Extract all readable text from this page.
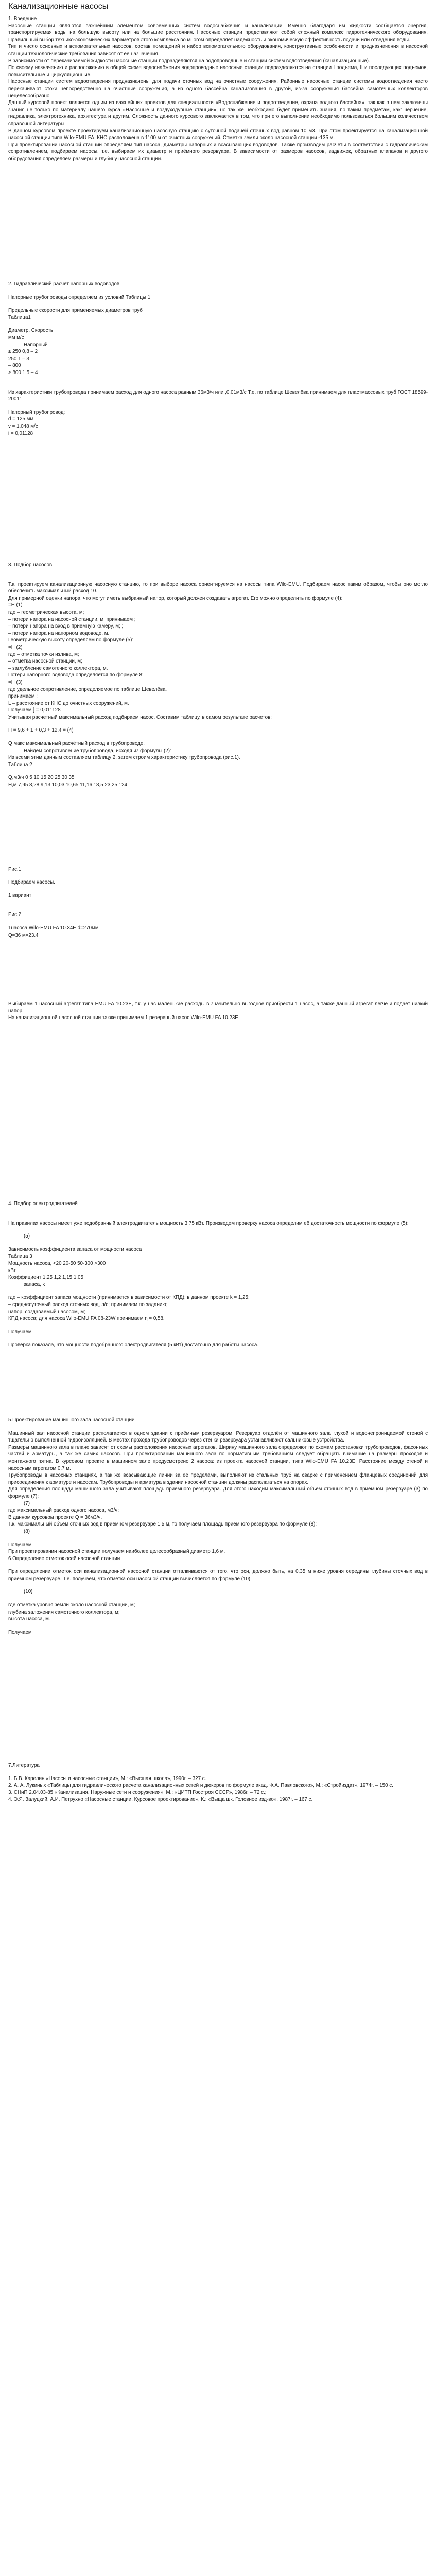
Канализационные насосы

1. Введение

Насосные станции являются важнейшим элементом современных систем водоснабжения и канализации. Именно благодаря им жидкости сообщается энергия, транспортируемая воды на большую высоту или на большие расстояния. Насосные станции представляют собой сложный комплекс гидротехнического оборудования. Правильный выбор технико-экономических параметров этого комплекса во многом определяет надежность и экономическую эффективность подачи или отведения воды.

Тип и число основных и вспомогательных насосов, состав помещений и набор вспомогательного оборудования, конструктивные особенности и предназначения в насосной станции технологические требования зависят от ее назначения.

В зависимости от перекачиваемой жидкости насосные станции подразделяются на водопроводные и станции систем водоотведения (канализационные).

По своему назначению и расположению в общей схеме водоснабжения водопроводные насосные станции подразделяются на станции I подъема, II и последующих подъемов, повысительные и циркуляционные.

Насосные станции систем водоотведения предназначены для подачи сточных вод на очистные сооружения. Районные насосные станции системы водоотведения часто перекачивают стоки непосредственно на очистные сооружения, а из одного бассейна канализования в другой, из-за сооружения бассейна самотечных коллекторов нецелесообразно.

Данный курсовой проект является одним из важнейших проектов для специальности «Водоснабжение и водоотведение, охрана водного бассейна», так как в нем заключены знания не только по материалу нашего курса «Насосные и воздуходувные станции», но так же необходимо будет применить знания, по таким предметам, как: черчение, гидравлика, электротехника, архитектура и другим. Сложность данного курсового заключается в том, что при его выполнении необходимо пользоваться большим количеством справочной литературы.

В данном курсовом проекте проектируем канализационную насосную станцию с суточной подачей сточных вод равном 10 м3. При этом проектируется на канализационной насосной станции типа Wilo-EMU FA. КНС расположена в 1100 м от очистных сооружений. Отметка земли около насосной станции -135 м.

При проектировании насосной станции определяем тип насоса, диаметры напорных и всасывающих водоводов. Также производим расчеты в соответствии с гидравлическим сопротивлением, подбираем насосы, т.е. выбираем их диаметр и приёмного резервуара. В зависимости от размеров насосов, задвижек, обратных клапанов и другого оборудования определяем размеры и глубину насосной станции.

2. Гидравлический расчёт напорных водоводов

Напорные трубопроводы определяем из условий Таблицы 1:

Предельные скорости для применяемых диаметров труб

Таблица1

Диаметр, Скорость,

мм м/с

Напорный

≤ 250 0,8 – 2

250 1 – 3

– 800

> 800 1,5 – 4

Из характеристики трубопровода принимаем расход для одного насоса равным 36м3/ч или ,0,01м3/с Т.е. по таблице Шевелёва принимаем для пластмассовых труб ГОСТ 18599-2001:

Напорный трубопровод:

d = 125 мм

v = 1,048 м/с

i = 0,01128

3. Подбор насосов

Т.к. проектируем канализационную насосную станцию, то при выборе насоса ориентируемся на насосы типа Wilo-EMU. Подбираем насос таким образом, чтобы оно могло обеспечить максимальный расход 10.

Для примерной оценки напора, что могут иметь выбранный напор, который должен создавать агрегат. Его можно определить по формуле (4):

=Н (1)

где – геометрическая высота, м;

– потери напора на насосной станции, м; принимаем ;

– потери напора на вход в приёмную камеру, м; ;

– потери напора на напорном водоводе, м.

Геометрическую высоту определяем по формуле (5):

=Н (2)

где – отметка точки излива, м;

– отметка насосной станции, м;

– заглубление самотечного коллектора, м.

Потери напорного водовода определяется по формуле 8:

=Н (3)

где удельное сопротивление, определяемое по таблице Шевелёва,

принимаем ;

L – расстояние от КНС до очистных сооружений, м.

Получаем ] = 0,011128

Учитывая расчётный максимальный расход подбираем насос. Составим таблицу, в самом результате расчетов:

Н = 9,6 + 1 + 0,3 + 12,4 = (4)

Q макс максимальный расчётный расход в трубопроводе.

Найдем сопротивление трубопровода, исходя из формулы (2):

Из всеми этим данным составляем таблицу 2, затем строим характеристику трубопровода (рис.1).

Таблица 2

Q,м3/ч 0 5 10 15 20 25 30 35

Н,м 7,95 8,28 9,13 10,03 10,65 11,16 18,5 23,25 124

Рис.1

Подбираем насосы.

1 вариант

Рис.2

1насоса Wilo-EMU FA 10.34E d=270мм

Q=36 м=23.4

Выбираем 1 насосный агрегат типа EMU FA 10.23E, т.к. у нас маленькие расходы в значительно выгодное приобрести 1 насос, а также данный агрегат легче и подает низкий напор.

На канализационной насосной станции также принимаем 1 резервный насос Wilo-EMU FA 10.23E.

4. Подбор электродвигателей

На правилах насосы имеет уже подобранный электродвигатель мощность 3,75 кВт. Произведем проверку насоса определим её достаточность мощности по формуле (5):

(5)

Зависимость коэффициента запаса от мощности насоса

Таблица 3

Мощность насоса, <20 20-50 50-300 >300

кВт

Коэффициент 1,25 1,2 1,15 1,05

запаса, k

где – коэффициент запаса мощности (принимается в зависимости от КПД); в данном проекте k = 1,25;

– среднесуточный расход сточных вод, л/с; принимаем по заданию;

напор, создаваемый насосом, м;

КПД насоса; для насоса Wilo-EMU FA 08-23W принимаем η = 0,58.

Получаем

Проверка показала, что мощности подобранного электродвигателя (5 кВт) достаточно для работы насоса.

5.Проектирование машинного зала насосной станции

Машинный зал насосной станции располагается в одном здании с приёмным резервуаром. Резервуар отделён от машинного зала глухой и водонепроницаемой стеной с тщательно выполненной гидроизоляцией. В местах прохода трубопроводов через стенки резервуара устанавливают сальниковые устройства.

Размеры машинного зала в плане зависят от схемы расположения насосных агрегатов. Ширину машинного зала определяют по схемам расстановки трубопроводов, фасонных частей и арматуры, а так же самих насосов. При проектировании машинного зала по нормативным требованиям следует обращать внимание на размеры проходов и монтажного пятна. В курсовом проекте в машинном зале предусмотрено 2 насоса: из проекта насосной станции, типа Wilo-EMU FA 10.23E. Расстояние между стеной и насосным агрегатом 0,7 м.

Трубопроводы в насосных станциях, а так же всасывающие линии за ее пределами, выполняют из стальных труб на сварке с применением фланцевых соединений для присоединения к арматуре и насосам. Трубопроводы и арматура в здании насосной станции должны располагаться на опорах.

Для определения площади машинного зала учитывают площадь приёмного резервуара. Для этого находим максимальный объем сточных вод в приёмном резервуаре (3) по формуле (7):

(7)

где максимальный расход одного насоса, м3/ч;

В данном курсовом проекте Q = 36м3/ч.

Т.к. максимальный объём сточных вод в приёмном резервуаре 1,5 м, то получаем площадь приёмного резервуара по формуле (8):

(8)

Получаем

При проектировании насосной станции получаем наиболее целесообразный диаметр 1,6 м.

6.Определение отметок осей насосной станции

При определении отметок оси канализационной насосной станции отталкиваются от того, что оси, должно быть, на 0,35 м ниже уровня середины глубины сточных вод в приёмном резервуаре. Т.е. получаем, что отметка оси насосной станции вычисляется по формуле (10):

(10)

где отметка уровня земли около насосной станции, м;

глубина заложения самотечного коллектора, м;

высота насоса, м.

Получаем

7.Литература

1. Б.В. Карелин «Насосы и насосные станции», М.: «Высшая школа», 1990г. – 327 с.

2. А. А. Лукиных «Таблицы для гидравлического расчета канализационных сетей и дюкеров по формуле акад. Ф.А. Павловского», М.: «Стройиздат», 1974г. – 150 с.

3. СНиП 2.04.03-85 «Канализация. Наружные сети и сооружения», М.: «ЦИТП Госстроя СССР», 1986г. – 72 с.;

4. Э.Я. Залуцкий, А.И. Петрухно «Насосные станции. Курсовое проектирование», К.: «Выща шк. Головное изд-во», 1987г. – 167 с.
